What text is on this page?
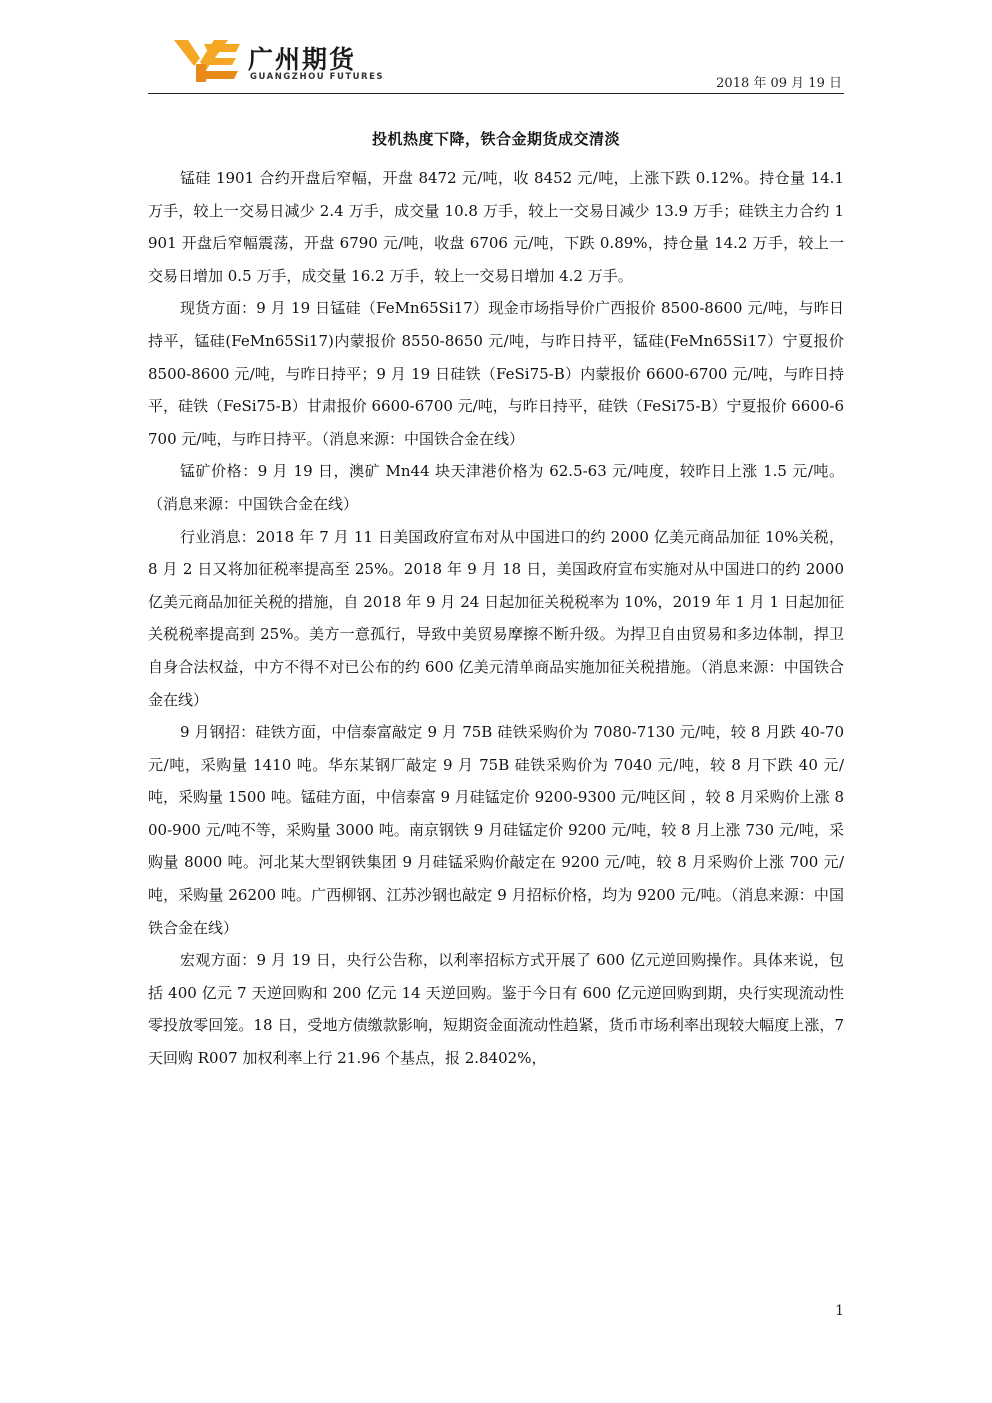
广州期货
GUANGZHOU FUTURES	2018 年 09 月 19 日
投机热度下降，铁合金期货成交清淡

锰硅 1901 合约开盘后窄幅，开盘 8472 元/吨，收 8452 元/吨，上涨下跌 0.12%。持仓量 14.1 万手，较上一交易日减少 2.4 万手，成交量 10.8 万手，较上一交易日减少 13.9 万手；硅铁主力合约 1901 开盘后窄幅震荡，开盘 6790 元/吨，收盘 6706 元/吨，下跌 0.89%，持仓量 14.2 万手，较上一交易日增加 0.5 万手，成交量 16.2 万手，较上一交易日增加 4.2 万手。

现货方面：9 月 19 日锰硅（FeMn65Si17）现金市场指导价广西报价 8500-8600 元/吨，与昨日持平，锰硅(FeMn65Si17)内蒙报价 8550-8650 元/吨，与昨日持平，锰硅(FeMn65Si17）宁夏报价 8500-8600 元/吨，与昨日持平；9 月 19 日硅铁（FeSi75-B）内蒙报价 6600-6700 元/吨，与昨日持平，硅铁（FeSi75-B）甘肃报价 6600-6700 元/吨，与昨日持平，硅铁（FeSi75-B）宁夏报价 6600-6700 元/吨，与昨日持平。（消息来源：中国铁合金在线）

锰矿价格：9 月 19 日，澳矿 Mn44 块天津港价格为 62.5-63 元/吨度，较昨日上涨 1.5 元/吨。（消息来源：中国铁合金在线）

行业消息：2018 年 7 月 11 日美国政府宣布对从中国进口的约 2000 亿美元商品加征 10%关税，8 月 2 日又将加征税率提高至 25%。2018 年 9 月 18 日，美国政府宣布实施对从中国进口的约 2000 亿美元商品加征关税的措施，自 2018 年 9 月 24 日起加征关税税率为 10%，2019 年 1 月 1 日起加征关税税率提高到 25%。美方一意孤行，导致中美贸易摩擦不断升级。为捍卫自由贸易和多边体制，捍卫自身合法权益，中方不得不对已公布的约 600 亿美元清单商品实施加征关税措施。（消息来源：中国铁合金在线）

9 月钢招：硅铁方面，中信泰富敲定 9 月 75B 硅铁采购价为 7080-7130 元/吨，较 8 月跌 40-70 元/吨，采购量 1410 吨。华东某钢厂敲定 9 月 75B 硅铁采购价为 7040 元/吨，较 8 月下跌 40 元/吨，采购量 1500 吨。锰硅方面，中信泰富 9 月硅锰定价 9200-9300 元/吨区间 ，较 8 月采购价上涨 800-900 元/吨不等，采购量 3000 吨。南京钢铁 9 月硅锰定价 9200 元/吨，较 8 月上涨 730 元/吨，采购量 8000 吨。河北某大型钢铁集团 9 月硅锰采购价敲定在 9200 元/吨，较 8 月采购价上涨 700 元/吨，采购量 26200 吨。广西柳钢、江苏沙钢也敲定 9 月招标价格，均为 9200 元/吨。（消息来源：中国铁合金在线）

宏观方面：9 月 19 日，央行公告称，以利率招标方式开展了 600 亿元逆回购操作。具体来说，包括 400 亿元 7 天逆回购和 200 亿元 14 天逆回购。鉴于今日有 600 亿元逆回购到期，央行实现流动性零投放零回笼。18 日，受地方债缴款影响，短期资金面流动性趋紧，货币市场利率出现较大幅度上涨，7 天回购 R007 加权利率上行 21.96 个基点，报 2.8402%，

1
